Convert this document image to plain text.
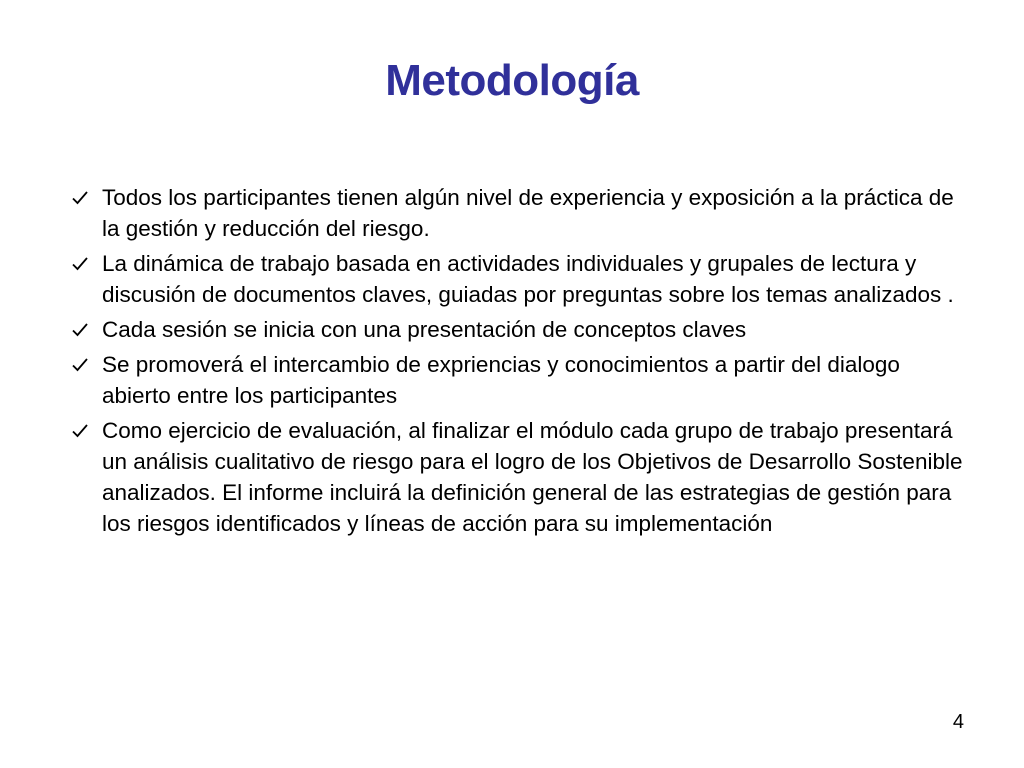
Metodología
Todos los participantes tienen algún nivel de experiencia y exposición a la práctica de la gestión y reducción del riesgo.
La dinámica de trabajo basada en actividades individuales y grupales de lectura y discusión de documentos claves, guiadas por preguntas sobre los temas analizados .
Cada sesión se inicia con una presentación de conceptos claves
Se promoverá el intercambio de expriencias y conocimientos a partir del dialogo abierto entre los participantes
Como ejercicio de evaluación, al finalizar el módulo cada grupo de trabajo presentará un análisis cualitativo de riesgo para el logro de los Objetivos de Desarrollo Sostenible analizados. El informe incluirá la definición general de las estrategias de gestión para los riesgos identificados y líneas de acción para su implementación
4
